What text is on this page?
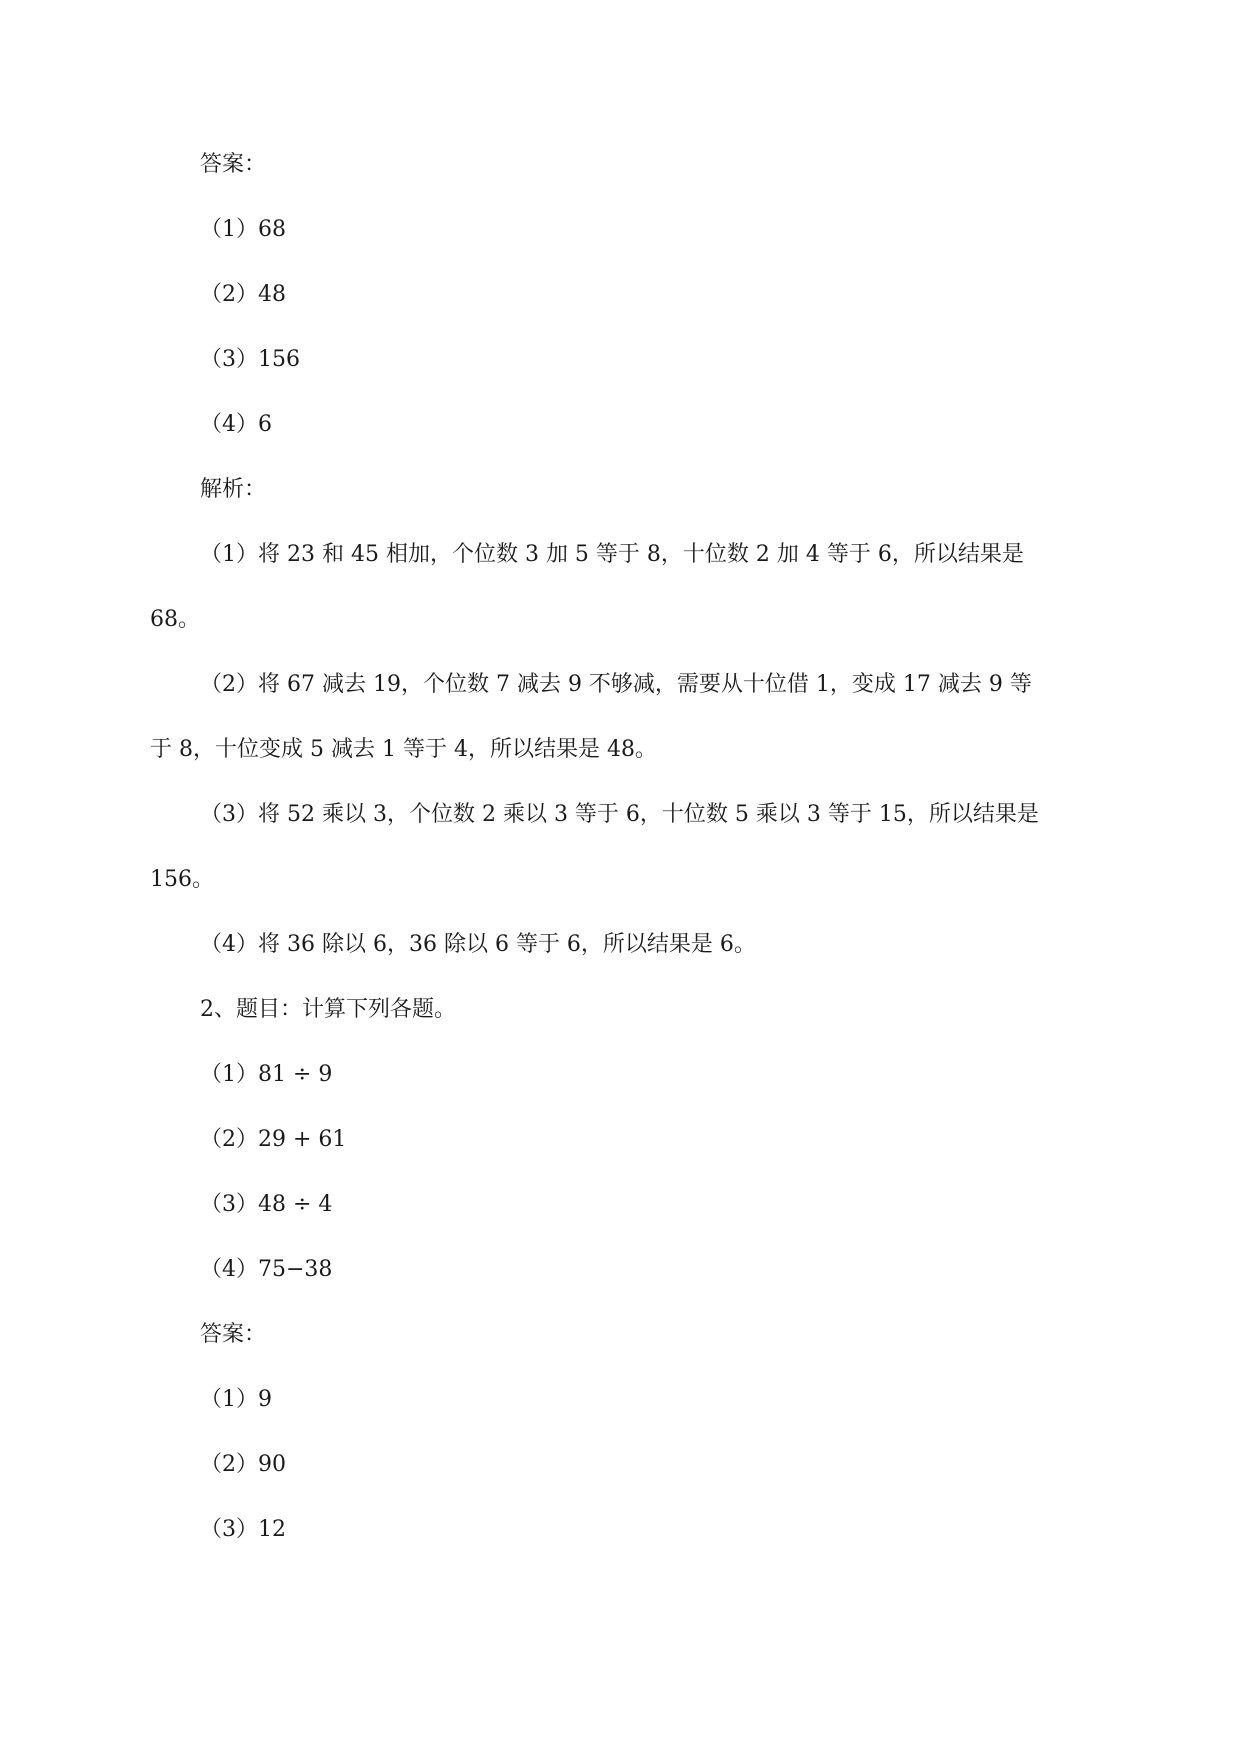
答案：
（1）68
（2）48
（3）156
（4）6
解析：
（1）将 23 和 45 相加，个位数 3 加 5 等于 8，十位数 2 加 4 等于 6，所以结果是
68。
（2）将 67 减去 19，个位数 7 减去 9 不够减，需要从十位借 1，变成 17 减去 9 等
于 8，十位变成 5 减去 1 等于 4，所以结果是 48。
（3）将 52 乘以 3，个位数 2 乘以 3 等于 6，十位数 5 乘以 3 等于 15，所以结果是
156。
（4）将 36 除以 6，36 除以 6 等于 6，所以结果是 6。
2、题目：计算下列各题。
（1）81 ÷ 9
（2）29 + 61
（3）48 ÷ 4
（4）75−38
答案：
（1）9
（2）90
（3）12
